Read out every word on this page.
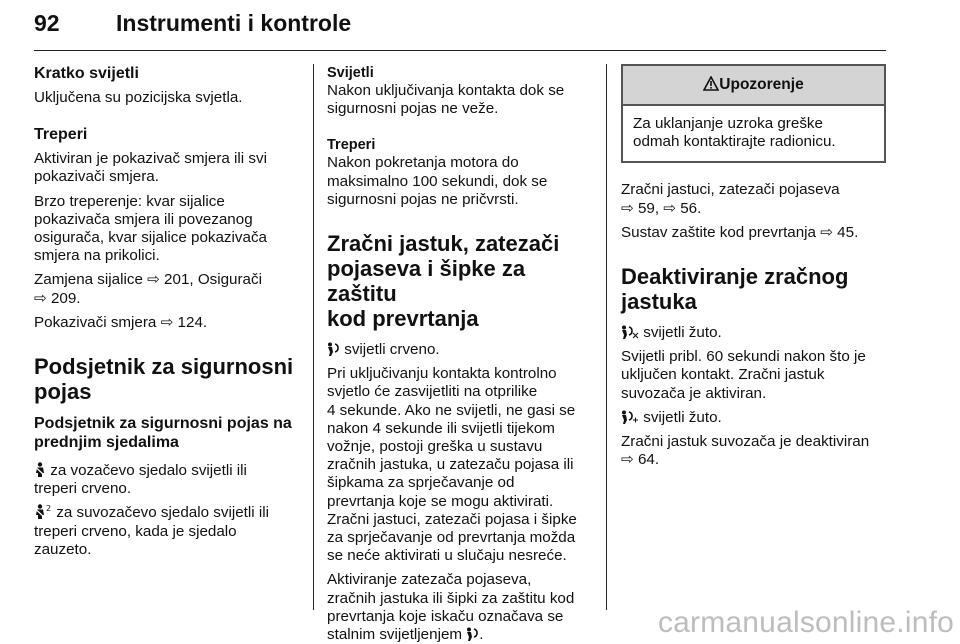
92 Instrumenti i kontrole

Kratko svijetli

Uključena su pozicijska svjetla.

Treperi

Aktiviran je pokazivač smjera ili svi
pokazivači smjera.

Brzo treperenje: kvar sijalice
pokazivača smjera ili povezanog
osigurača, kvar sijalice pokazivača
smjera na prikolici.

Zamjena sijalice ⇨ 201, Osigurači
⇨ 209.

Pokazivači smjera ⇨ 124.

Podsjetnik za sigurnosni
pojas

Podsjetnik za sigurnosni pojas na
prednjim sjedalima

za vozačevo sjedalo svijetli ili
treperi crveno.

2 za suvozačevo sjedalo svijetli ili
treperi crveno, kada je sjedalo
zauzeto.

Svijetli

Nakon uključivanja kontakta dok se
sigurnosni pojas ne veže.

Treperi

Nakon pokretanja motora do
maksimalno 100 sekundi, dok se
sigurnosni pojas ne pričvrsti.

Zračni jastuk, zatezači
pojaseva i šipke za zaštitu
kod prevrtanja

svijetli crveno.

Pri uključivanju kontakta kontrolno
svjetlo će zasvijetliti na otprilike
4 sekunde. Ako ne svijetli, ne gasi se
nakon 4 sekunde ili svijetli tijekom
vožnje, postoji greška u sustavu
zračnih jastuka, u zatezaču pojasa ili
šipkama za sprječavanje od
prevrtanja koje se mogu aktivirati.
Zračni jastuci, zatezači pojasa i šipke
za sprječavanje od prevrtanja možda
se neće aktivirati u slučaju nesreće.

Aktiviranje zatezača pojaseva,
zračnih jastuka ili šipki za zaštitu kod
prevrtanja koje iskaču označava se
stalnim svijetljenjem .

Upozorenje
Za uklanjanje uzroka greške
odmah kontaktirajte radionicu.

Zračni jastuci, zatezači pojaseva
⇨ 59, ⇨ 56.

Sustav zaštite kod prevrtanja ⇨ 45.

Deaktiviranje zračnog
jastuka

svijetli žuto.

Svijetli pribl. 60 sekundi nakon što je
uključen kontakt. Zračni jastuk
suvozača je aktiviran.

svijetli žuto.

Zračni jastuk suvozača je deaktiviran
⇨ 64.

carmanualsonline.info
